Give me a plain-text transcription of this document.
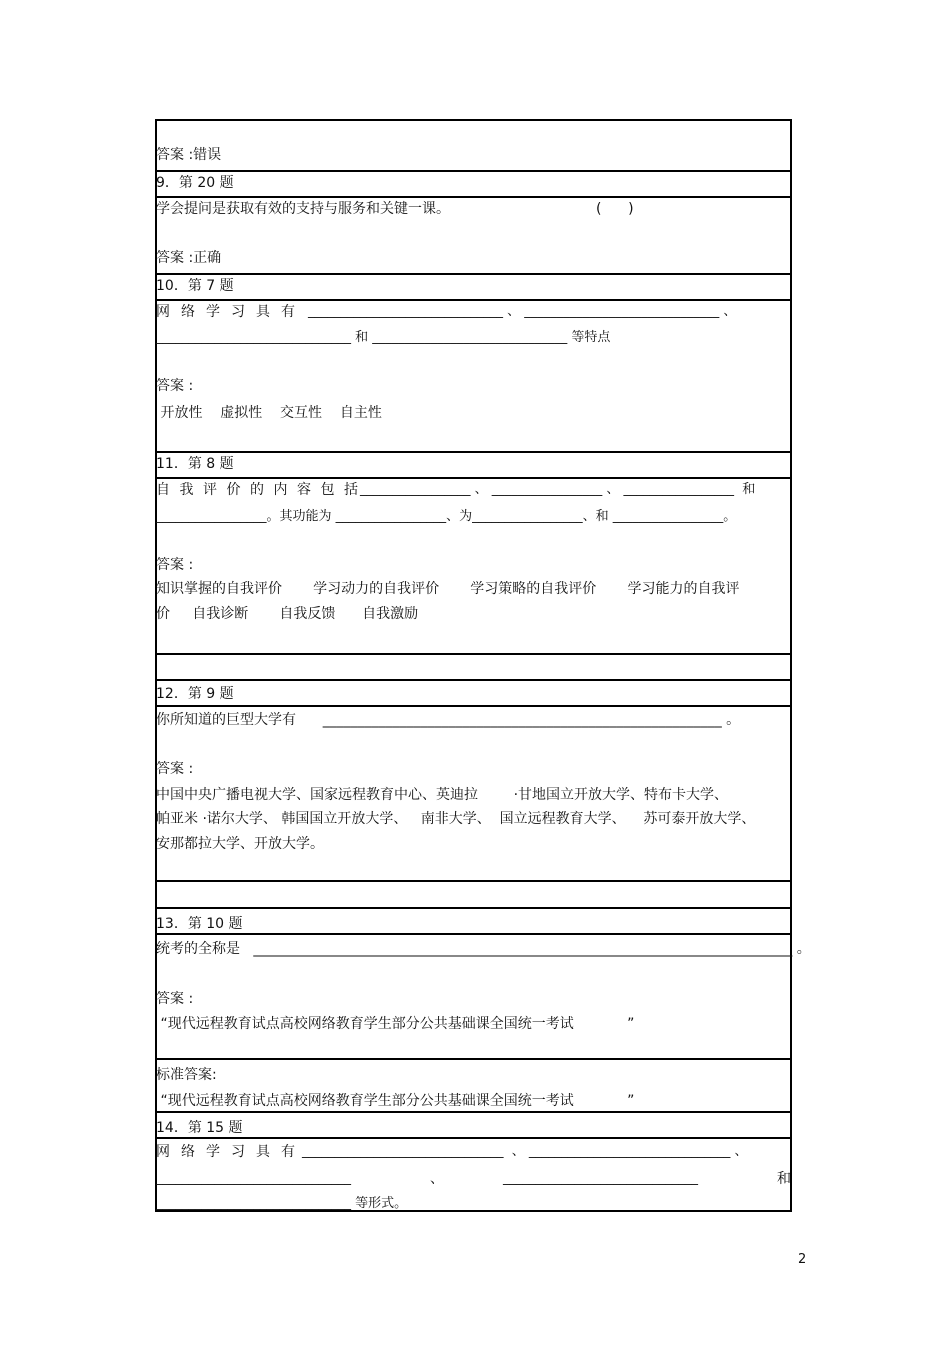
答案 :错误
9．第 20 题
学会提问是获取有效的支持与服务和关键一课。	(      )
答案 :正确
10．第 7 题
网络学习具有 ______________________________ 、 ______________________________ 、
______________________________ 和 ______________________________ 等特点
答案 :
开放性    虚拟性    交互性    自主性
11．第 8 题
自我评价的内容包括
_________________ 、 _________________ 、 _________________  和
_________________。其功能为 _________________、为_________________、和 _________________。
答案 :
知识掌握的自我评价       学习动力的自我评价       学习策略的自我评价       学习能力的自我评
价     自我诊断       自我反馈      自我激励
12．第 9 题
你所知道的巨型大学有      _________________________________________________________ 。
答案 :
中国中央广播电视大学、国家远程教育中心、英迪拉        ·甘地国立开放大学、特布卡大学、
帕亚米 ·诺尔大学、 韩国国立开放大学、   南非大学、  国立远程教育大学、    苏可泰开放大学、
安那都拉大学、开放大学。
13．第 10 题
统考的全称是   _____________________________________________________________________________ 。
答案 :
“现代远程教育试点高校网络教育学生部分公共基础课全国统一考试            ”
标准答案:
“现代远程教育试点高校网络教育学生部分公共基础课全国统一考试            ”
14．第 15 题
网络学习具有
_______________________________  、 _______________________________ 、
______________________________	、	______________________________	和
______________________________ 等形式。
2
